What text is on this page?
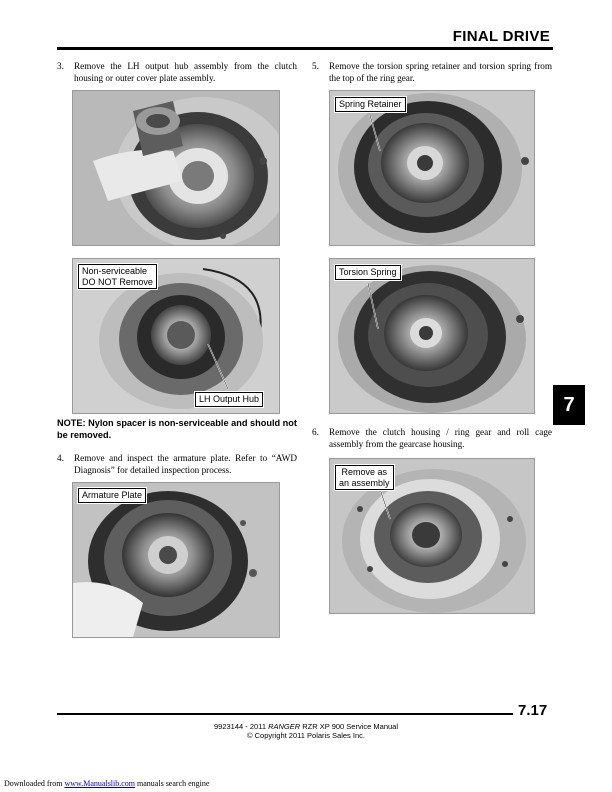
FINAL DRIVE
3. Remove the LH output hub assembly from the clutch housing or outer cover plate assembly.
Non-serviceable
DO NOT Remove
LH Output Hub
NOTE: Nylon spacer is non-serviceable and should not be removed.
4. Remove and inspect the armature plate. Refer to “AWD Diagnosis” for detailed inspection process.
Armature Plate
5. Remove the torsion spring retainer and torsion spring from the top of the ring gear.
Spring Retainer
Torsion Spring
7
6. Remove the clutch housing / ring gear and roll cage assembly from the gearcase housing.
Remove as
an assembly
7.17
9923144 - 2011 RANGER RZR XP 900 Service Manual
© Copyright 2011 Polaris Sales Inc.
Downloaded from www.Manualslib.com manuals search engine
